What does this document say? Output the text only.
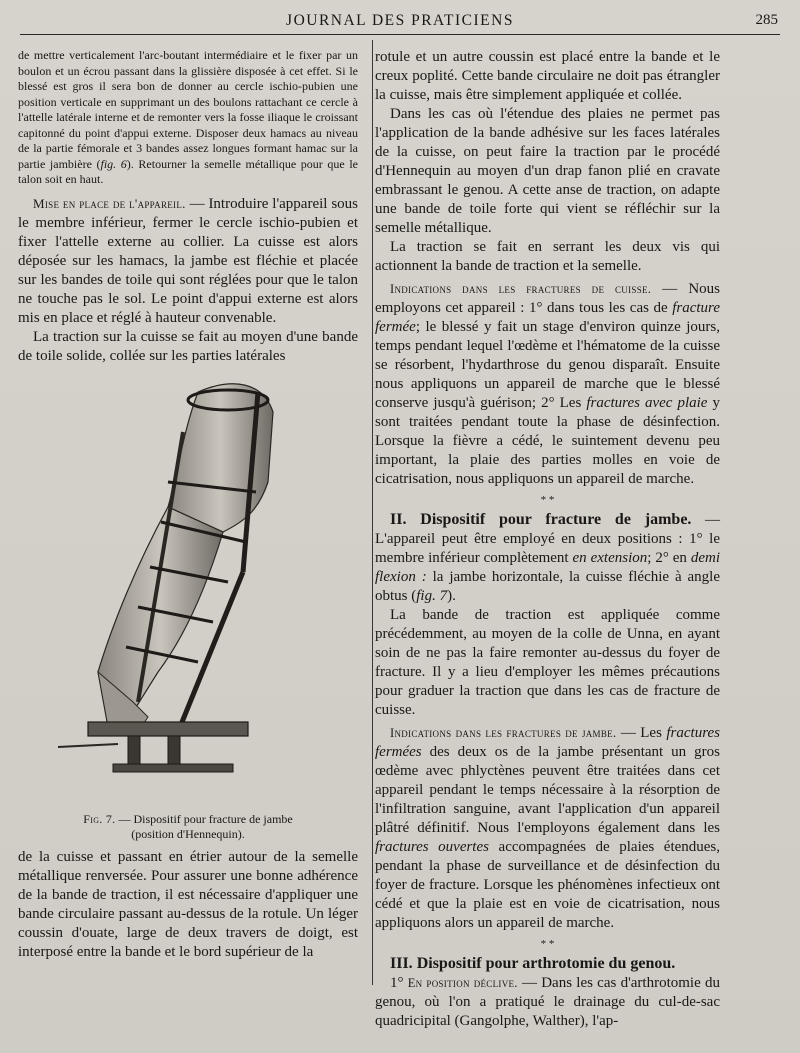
JOURNAL DES PRATICIENS	285

de mettre verticalement l'arc-boutant intermédiaire et le fixer par un boulon et un écrou passant dans la glissière disposée à cet effet. Si le blessé est gros il sera bon de donner au cercle ischio-pubien une position verticale en supprimant un des boulons rattachant ce cercle à l'attelle latérale interne et de remonter vers la fosse iliaque le croissant capitonné du point d'appui externe. Disposer deux hamacs au niveau de la partie fémorale et 3 bandes assez longues formant hamac sur la partie jambière (fig. 6). Retourner la semelle métallique pour que le talon soit en haut.

Mise en place de l'appareil. — Introduire l'appareil sous le membre inférieur, fermer le cercle ischio-pubien et fixer l'attelle externe au collier. La cuisse est alors déposée sur les hamacs, la jambe est fléchie et placée sur les bandes de toile qui sont réglées pour que le talon ne touche pas le sol. Le point d'appui externe est alors mis en place et réglé à hauteur convenable.

La traction sur la cuisse se fait au moyen d'une bande de toile solide, collée sur les parties latérales

Fig. 7. — Dispositif pour fracture de jambe
(position d'Hennequin).

de la cuisse et passant en étrier autour de la semelle métallique renversée. Pour assurer une bonne adhérence de la bande de traction, il est nécessaire d'appliquer une bande circulaire passant au-dessus de la rotule. Un léger coussin d'ouate, large de deux travers de doigt, est interposé entre la bande et le bord supérieur de la

rotule et un autre coussin est placé entre la bande et le creux poplité. Cette bande circulaire ne doit pas étrangler la cuisse, mais être simplement appliquée et collée.

Dans les cas où l'étendue des plaies ne permet pas l'application de la bande adhésive sur les faces latérales de la cuisse, on peut faire la traction par le procédé d'Hennequin au moyen d'un drap fanon plié en cravate embrassant le genou. A cette anse de traction, on adapte une bande de toile forte qui vient se réfléchir sur la semelle métallique.

La traction se fait en serrant les deux vis qui actionnent la bande de traction et la semelle.

Indications dans les fractures de cuisse. — Nous employons cet appareil : 1° dans tous les cas de fracture fermée; le blessé y fait un stage d'environ quinze jours, temps pendant lequel l'œdème et l'hématome de la cuisse se résorbent, l'hydarthrose du genou disparaît. Ensuite nous appliquons un appareil de marche que le blessé conserve jusqu'à guérison; 2° Les fractures avec plaie y sont traitées pendant toute la phase de désinfection. Lorsque la fièvre a cédé, le suintement devenu peu important, la plaie des parties molles en voie de cicatrisation, nous appliquons un appareil de marche.

* *

II. Dispositif pour fracture de jambe. — L'appareil peut être employé en deux positions : 1° le membre inférieur complètement en extension; 2° en demi flexion : la jambe horizontale, la cuisse fléchie à angle obtus (fig. 7).

La bande de traction est appliquée comme précédemment, au moyen de la colle de Unna, en ayant soin de ne pas la faire remonter au-dessus du foyer de fracture. Il y a lieu d'employer les mêmes précautions pour graduer la traction que dans les cas de fracture de cuisse.

Indications dans les fractures de jambe. — Les fractures fermées des deux os de la jambe présentant un gros œdème avec phlyctènes peuvent être traitées dans cet appareil pendant le temps nécessaire à la résorption de l'infiltration sanguine, avant l'application d'un appareil plâtré définitif. Nous l'employons également dans les fractures ouvertes accompagnées de plaies étendues, pendant la phase de surveillance et de désinfection du foyer de fracture. Lorsque les phénomènes infectieux ont cédé et que la plaie est en voie de cicatrisation, nous appliquons alors un appareil de marche.

* *

III. Dispositif pour arthrotomie du genou.

1° En position déclive. — Dans les cas d'arthrotomie du genou, où l'on a pratiqué le drainage du cul-de-sac quadricipital (Gangolphe, Walther), l'ap-
